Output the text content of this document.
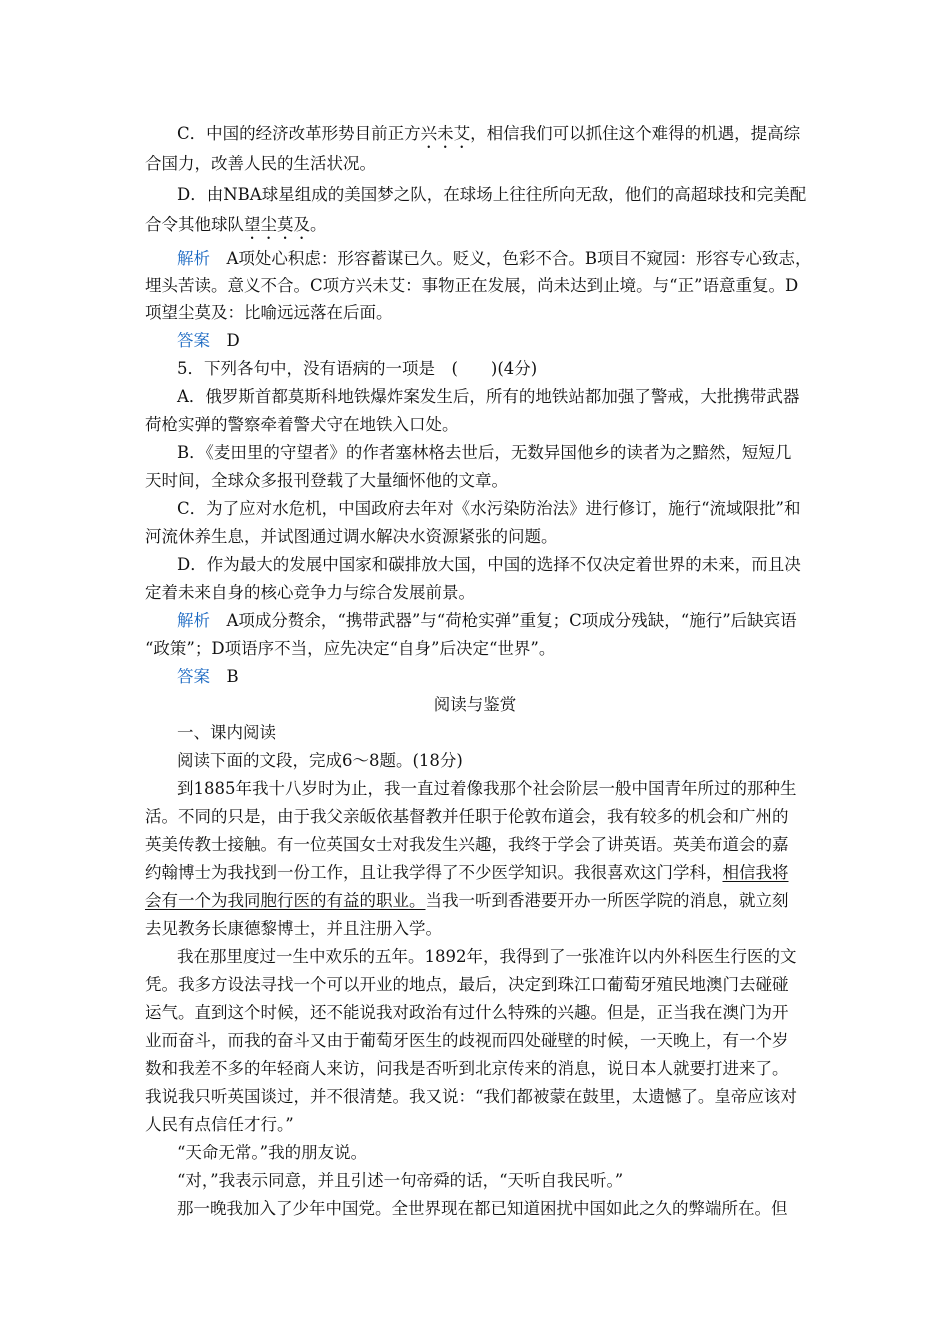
C．中国的经济改革形势目前正方兴未艾，相信我们可以抓住这个难得的机遇，提高综
合国力，改善人民的生活状况。
D．由NBA球星组成的美国梦之队，在球场上往往所向无敌，他们的高超球技和完美配
合令其他球队望尘莫及。
解析　 A项处心积虑：形容蓄谋已久。贬义，色彩不合。B项目不窥园：形容专心致志，
埋头苦读。意义不合。C项方兴未艾：事物正在发展，尚未达到止境。与“正”语意重复。D
项望尘莫及：比喻远远落在后面。
答案　 D
5．下列各句中，没有语病的一项是　(　　)(4分)
A．俄罗斯首都莫斯科地铁爆炸案发生后，所有的地铁站都加强了警戒，大批携带武器
荷枪实弹的警察牵着警犬守在地铁入口处。
B．《麦田里的守望者》的作者塞林格去世后，无数异国他乡的读者为之黯然，短短几
天时间，全球众多报刊登载了大量缅怀他的文章。
C．为了应对水危机，中国政府去年对《水污染防治法》进行修订，施行“流域限批”和
河流休养生息，并试图通过调水解决水资源紧张的问题。
D．作为最大的发展中国家和碳排放大国，中国的选择不仅决定着世界的未来，而且决
定着未来自身的核心竞争力与综合发展前景。
解析　 A项成分赘余，“携带武器”与“荷枪实弹”重复；C项成分残缺，“施行”后缺宾语
“政策”；D项语序不当，应先决定“自身”后决定“世界”。
答案　 B
阅读与鉴赏
一、课内阅读
阅读下面的文段，完成6～8题。(18分)
到1885年我十八岁时为止，我一直过着像我那个社会阶层一般中国青年所过的那种生
活。不同的只是，由于我父亲皈依基督教并任职于伦敦布道会，我有较多的机会和广州的
英美传教士接触。有一位英国女士对我发生兴趣，我终于学会了讲英语。英美布道会的嘉
约翰博士为我找到一份工作，且让我学得了不少医学知识。我很喜欢这门学科，相信我将
会有一个为我同胞行医的有益的职业。当我一听到香港要开办一所医学院的消息，就立刻
去见教务长康德黎博士，并且注册入学。
我在那里度过一生中欢乐的五年。1892年，我得到了一张准许以内外科医生行医的文
凭。我多方设法寻找一个可以开业的地点，最后，决定到珠江口葡萄牙殖民地澳门去碰碰
运气。直到这个时候，还不能说我对政治有过什么特殊的兴趣。但是，正当我在澳门为开
业而奋斗，而我的奋斗又由于葡萄牙医生的歧视而四处碰壁的时候，一天晚上，有一个岁
数和我差不多的年轻商人来访，问我是否听到北京传来的消息，说日本人就要打进来了。
我说我只听英国谈过，并不很清楚。我又说：“我们都被蒙在鼓里，太遗憾了。皇帝应该对
人民有点信任才行。”
“天命无常。”我的朋友说。
“对，”我表示同意，并且引述一句帝舜的话，“天听自我民听。”
那一晚我加入了少年中国党。全世界现在都已知道困扰中国如此之久的弊端所在。但
